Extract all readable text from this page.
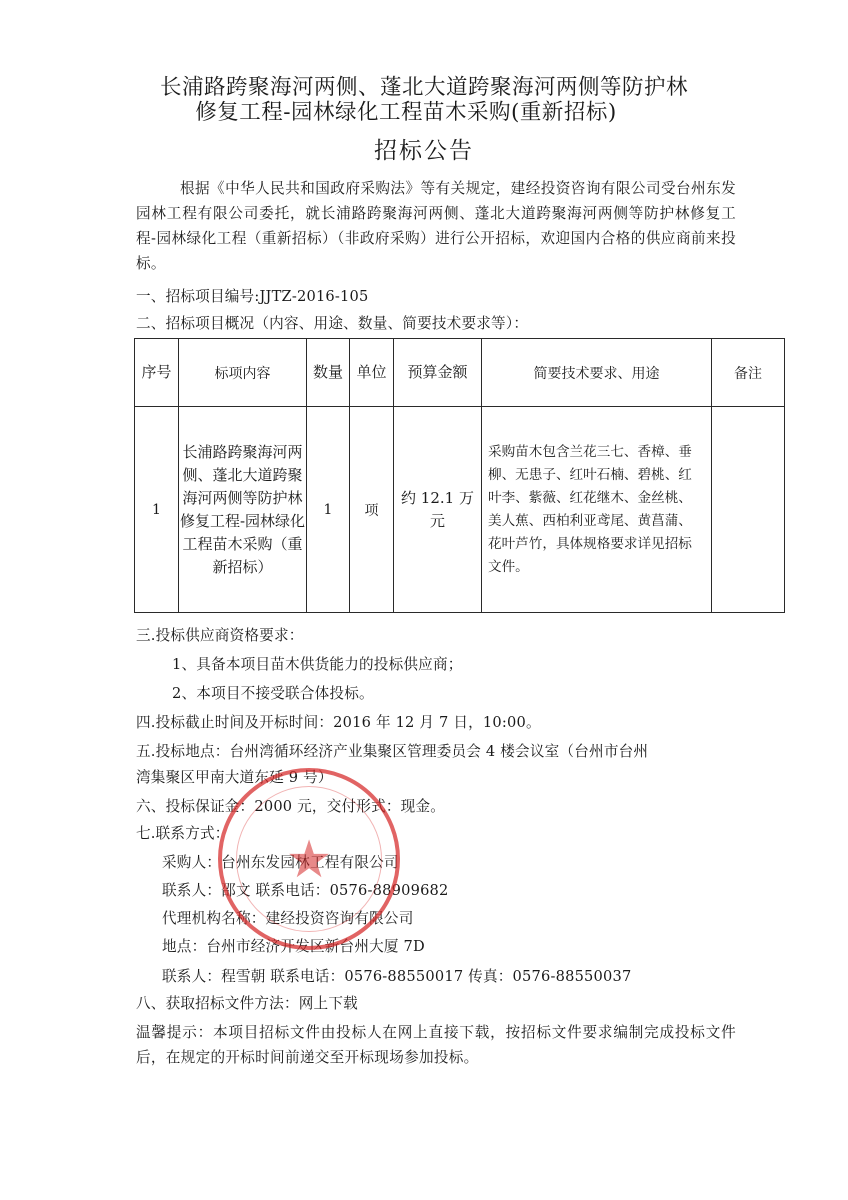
长浦路跨聚海河两侧、蓬北大道跨聚海河两侧等防护林
修复工程-园林绿化工程苗木采购(重新招标)
招标公告
根据《中华人民共和国政府采购法》等有关规定，建经投资咨询有限公司受台州东发园林工程有限公司委托，就长浦路跨聚海河两侧、蓬北大道跨聚海河两侧等防护林修复工程-园林绿化工程（重新招标）（非政府采购）进行公开招标，欢迎国内合格的供应商前来投标。
一、招标项目编号:JJTZ-2016-105
二、招标项目概况（内容、用途、数量、简要技术要求等）：
序号	标项内容	数量	单位	预算金额	简要技术要求、用途	备注
1	长浦路跨聚海河两侧、蓬北大道跨聚海河两侧等防护林修复工程-园林绿化工程苗木采购（重新招标）	1	项	约 12.1 万元	采购苗木包含兰花三七、香樟、垂柳、无患子、红叶石楠、碧桃、红叶李、紫薇、红花继木、金丝桃、美人蕉、西柏利亚鸢尾、黄菖蒲、花叶芦竹，具体规格要求详见招标文件。	
三.投标供应商资格要求：
1、具备本项目苗木供货能力的投标供应商；
2、本项目不接受联合体投标。
四.投标截止时间及开标时间：2016 年 12 月 7 日，10:00。
五.投标地点：台州湾循环经济产业集聚区管理委员会 4 楼会议室（台州市台州
湾集聚区甲南大道东延 9 号）
六、投标保证金：2000 元，交付形式：现金。
七.联系方式：
采购人：台州东发园林工程有限公司
联系人：邵文 联系电话：0576-88909682
代理机构名称：建经投资咨询有限公司
地点：台州市经济开发区新台州大厦 7D
联系人：程雪朝 联系电话：0576-88550017 传真：0576-88550037
八、获取招标文件方法：网上下载
温馨提示：本项目招标文件由投标人在网上直接下载，按招标文件要求编制完成投标文件后，在规定的开标时间前递交至开标现场参加投标。
★
